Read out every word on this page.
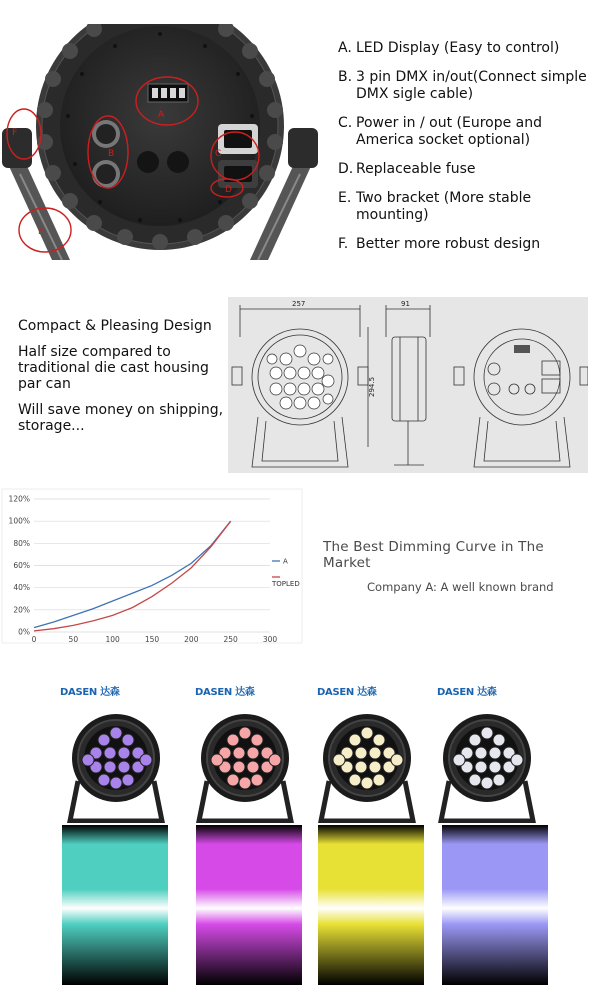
A
B	C
D
E
F
A. LED Display (Easy to control)
B. 3 pin DMX in/out(Connect simple DMX sigle cable)
C. Power in / out (Europe and America socket optional)
D. Replaceable fuse
E. Two bracket (More stable mounting)
F. Better more robust design

Compact & Pleasing Design

Half size compared to traditional die cast housing par can

Will save money on shipping, storage...

257	91
294.5
0%
20%
40%
60%
80%
100%
120%
0	50	100	150	200	250	300
A
TOPLED
The Best Dimming Curve in The Market
Company A: A well known brand
DASEN 达森	DASEN 达森	DASEN 达森	DASEN 达森
